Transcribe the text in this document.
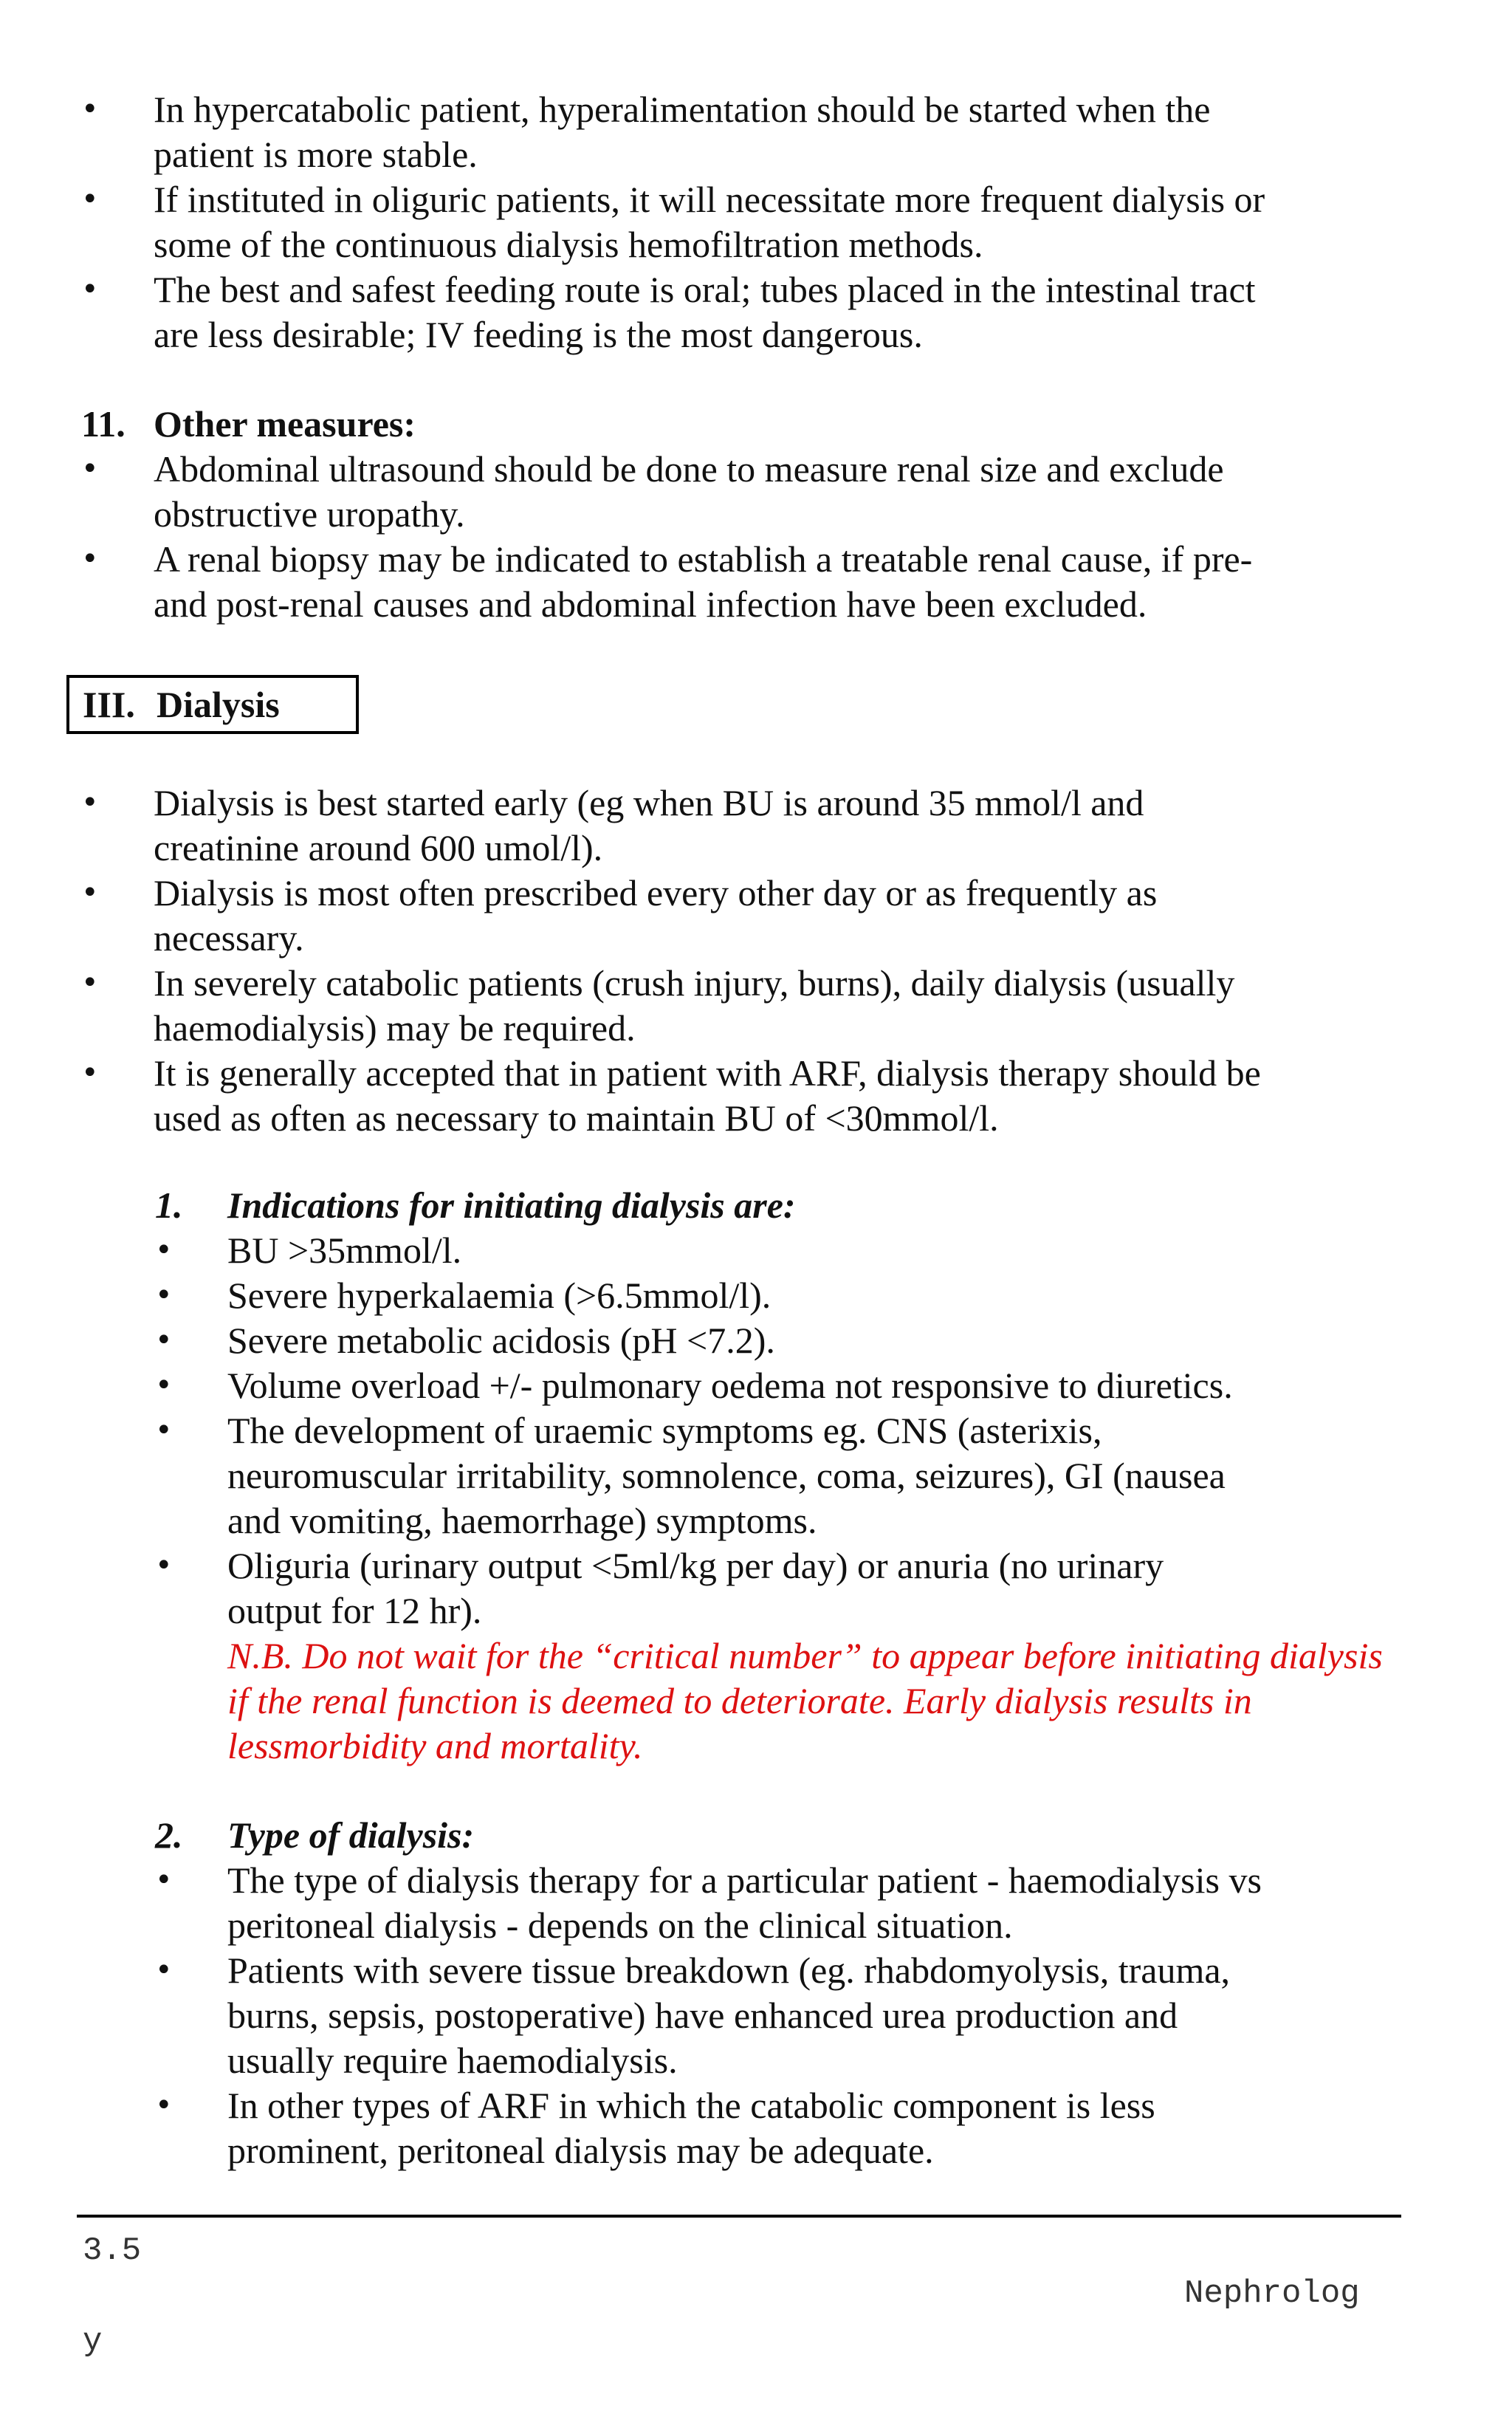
• In hypercatabolic patient, hyperalimentation should be started when the
patient is more stable.
• If instituted in oliguric patients, it will necessitate more frequent dialysis or
some of the continuous dialysis hemofiltration methods.
• The best and safest feeding route is oral; tubes placed in the intestinal tract
are less desirable; IV feeding is the most dangerous.
11. Other measures:
• Abdominal ultrasound should be done to measure renal size and exclude
obstructive uropathy.
• A renal biopsy may be indicated to establish a treatable renal cause, if pre-
and post-renal causes and abdominal infection have been excluded.
III. Dialysis
• Dialysis is best started early (eg when BU is around 35 mmol/l and
creatinine around 600 umol/l).
• Dialysis is most often prescribed every other day or as frequently as
necessary.
• In severely catabolic patients (crush injury, burns), daily dialysis (usually
haemodialysis) may be required.
• It is generally accepted that in patient with ARF, dialysis therapy should be
used as often as necessary to maintain BU of <30mmol/l.
1. Indications for initiating dialysis are:
• BU >35mmol/l.
• Severe hyperkalaemia (>6.5mmol/l).
• Severe metabolic acidosis (pH <7.2).
• Volume overload +/- pulmonary oedema not responsive to diuretics.
• The development of uraemic symptoms eg. CNS (asterixis,
neuromuscular irritability, somnolence, coma, seizures), GI (nausea
and vomiting, haemorrhage) symptoms.
• Oliguria (urinary output <5ml/kg per day) or anuria (no urinary
output for 12 hr).
N.B. Do not wait for the “critical number” to appear before initiating dialysis
if the renal function is deemed to deteriorate. Early dialysis results in
lessmorbidity and mortality.
2. Type of dialysis:
• The type of dialysis therapy for a particular patient - haemodialysis vs
peritoneal dialysis - depends on the clinical situation.
• Patients with severe tissue breakdown (eg. rhabdomyolysis, trauma,
burns, sepsis, postoperative) have enhanced urea production and
usually require haemodialysis.
• In other types of ARF in which the catabolic component is less
prominent, peritoneal dialysis may be adequate.
3.5
Nephrolog
y
